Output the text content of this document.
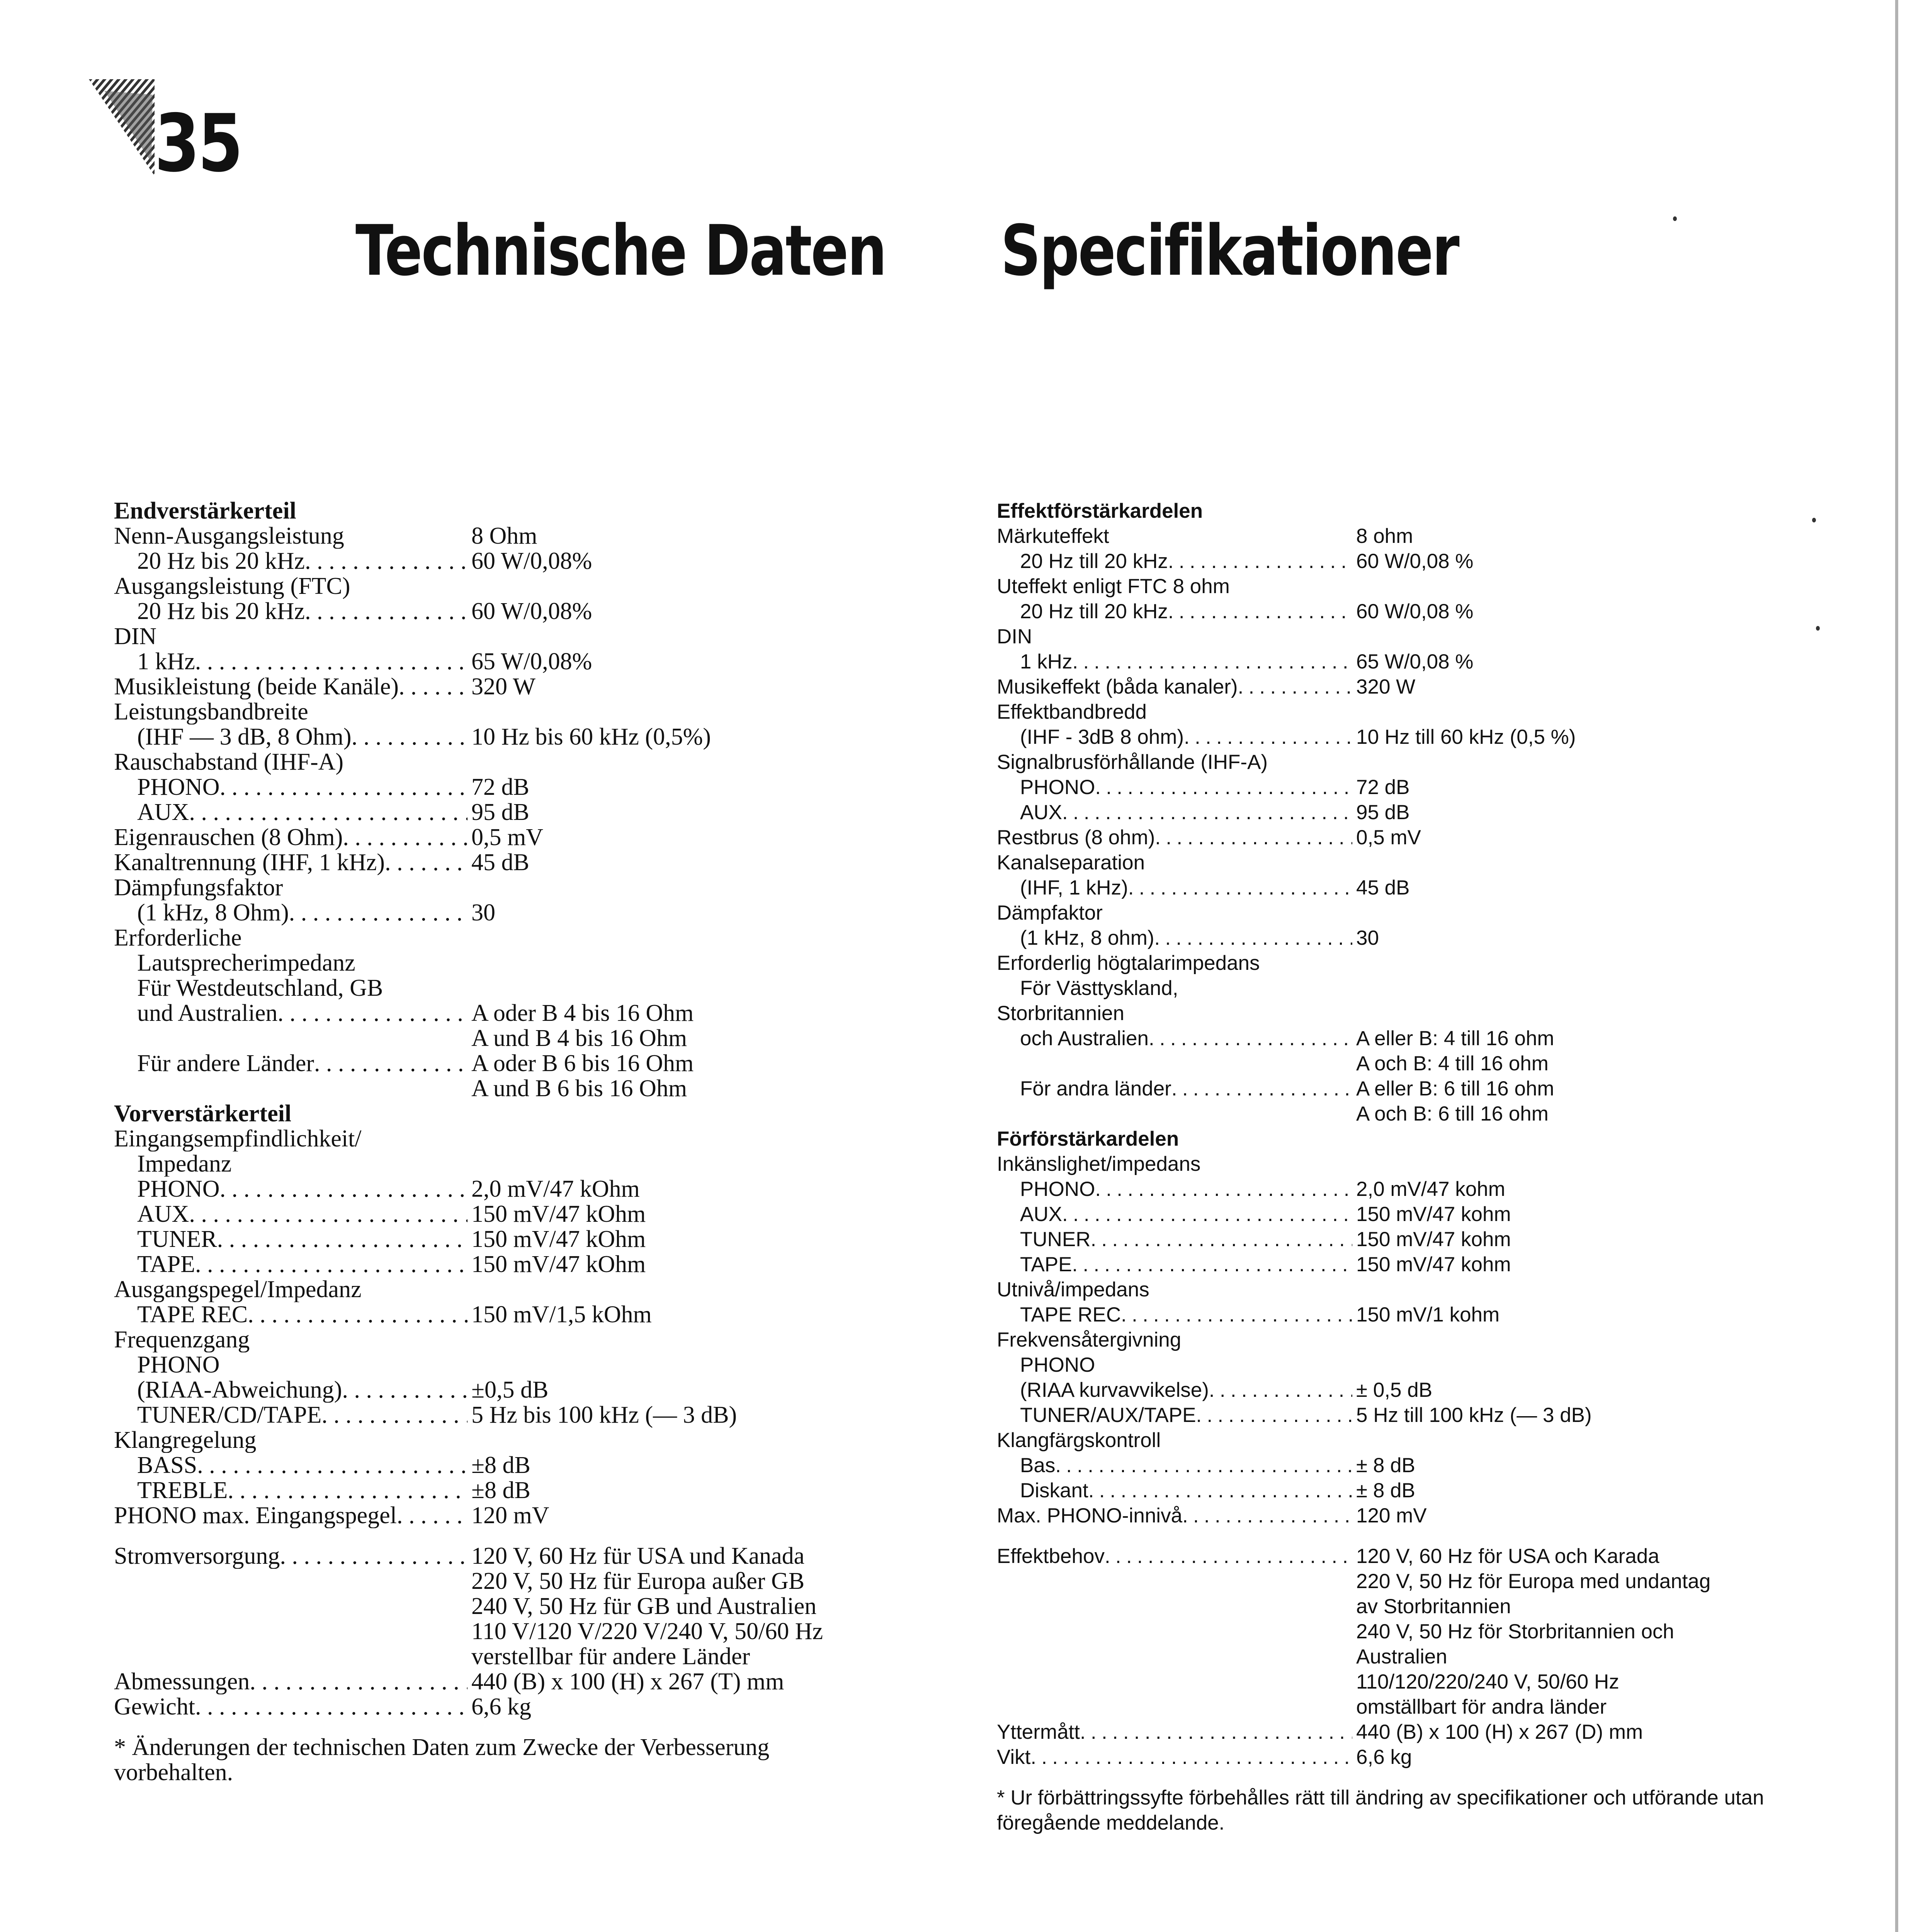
35
Technische Daten Specifikationer
Endverstärkerteil
Nenn-Ausgangsleistung	8 Ohm
20 Hz bis 20 kHz .....	60 W/0,08%
Ausgangsleistung (FTC)
20 Hz bis 20 kHz .....	60 W/0,08%
DIN
1 kHz .....	65 W/0,08%
Musikleistung (beide Kanäle) .....	320 W
Leistungsbandbreite
(IHF — 3 dB, 8 Ohm) .....	10 Hz bis 60 kHz (0,5%)
Rauschabstand (IHF-A)
PHONO .....	72 dB
AUX .....	95 dB
Eigenrauschen (8 Ohm) .....	0,5 mV
Kanaltrennung (IHF, 1 kHz) .....	45 dB
Dämpfungsfaktor
(1 kHz, 8 Ohm) .....	30
Erforderliche
Lautsprecherimpedanz
Für Westdeutschland, GB
und Australien .....	A oder B 4 bis 16 Ohm
A und B 4 bis 16 Ohm
Für andere Länder .....	A oder B 6 bis 16 Ohm
A und B 6 bis 16 Ohm
Vorverstärkerteil
Eingangsempfindlichkeit/
Impedanz
PHONO .....	2,0 mV/47 kOhm
AUX .....	150 mV/47 kOhm
TUNER .....	150 mV/47 kOhm
TAPE .....	150 mV/47 kOhm
Ausgangspegel/Impedanz
TAPE REC .....	150 mV/1,5 kOhm
Frequenzgang
PHONO
(RIAA-Abweichung) .....	±0,5 dB
TUNER/CD/TAPE .....	5 Hz bis 100 kHz (— 3 dB)
Klangregelung
BASS .....	±8 dB
TREBLE .....	±8 dB
PHONO max. Eingangspegel .....	120 mV
Stromversorgung .....	120 V, 60 Hz für USA und Kanada
220 V, 50 Hz für Europa außer GB
240 V, 50 Hz für GB und Australien
110 V/120 V/220 V/240 V, 50/60 Hz
verstellbar für andere Länder
Abmessungen .....	440 (B) x 100 (H) x 267 (T) mm
Gewicht .....	6,6 kg

* Änderungen der technischen Daten zum Zwecke der Verbesserung vorbehalten.

Effektförstärkardelen
Märkuteffekt	8 ohm
20 Hz till 20 kHz .....	60 W/0,08 %
Uteffekt enligt FTC 8 ohm
20 Hz till 20 kHz .....	60 W/0,08 %
DIN
1 kHz .....	65 W/0,08 %
Musikeffekt (båda kanaler) .....	320 W
Effektbandbredd
(IHF - 3dB 8 ohm) .....	10 Hz till 60 kHz (0,5 %)
Signalbrusförhållande (IHF-A)
PHONO .....	72 dB
AUX .....	95 dB
Restbrus (8 ohm) .....	0,5 mV
Kanalseparation
(IHF, 1 kHz) .....	45 dB
Dämpfaktor
(1 kHz, 8 ohm) .....	30
Erforderlig högtalarimpedans
För Västtyskland,
Storbritannien
och Australien .....	A eller B: 4 till 16 ohm
A och B: 4 till 16 ohm
För andra länder .....	A eller B: 6 till 16 ohm
A och B: 6 till 16 ohm
Förförstärkardelen
Inkänslighet/impedans
PHONO .....	2,0 mV/47 kohm
AUX .....	150 mV/47 kohm
TUNER .....	150 mV/47 kohm
TAPE .....	150 mV/47 kohm
Utnivå/impedans
TAPE REC .....	150 mV/1 kohm
Frekvensåtergivning
PHONO
(RIAA kurvavvikelse) .....	± 0,5 dB
TUNER/AUX/TAPE .....	5 Hz till 100 kHz (— 3 dB)
Klangfärgskontroll
Bas .....	± 8 dB
Diskant .....	± 8 dB
Max. PHONO-innivå .....	120 mV
Effektbehov .....	120 V, 60 Hz för USA och Karada
220 V, 50 Hz för Europa med undantag
av Storbritannien
240 V, 50 Hz för Storbritannien och
Australien
110/120/220/240 V, 50/60 Hz
omställbart för andra länder
Yttermått .....	440 (B) x 100 (H) x 267 (D) mm
Vikt .....	6,6 kg

* Ur förbättringssyfte förbehålles rätt till ändring av specifikationer och utförande utan föregående meddelande.
